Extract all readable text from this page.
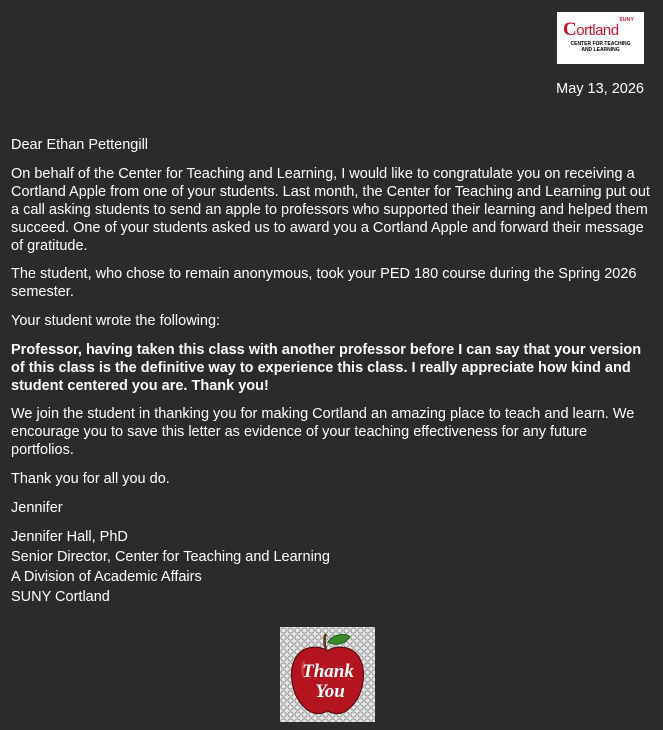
SUNY
Cortland
CENTER FOR TEACHING
AND LEARNING
May 13, 2026

Dear Ethan Pettengill

On behalf of the Center for Teaching and Learning, I would like to congratulate you on receiving a Cortland Apple from one of your students. Last month, the Center for Teaching and Learning put out a call asking students to send an apple to professors who supported their learning and helped them succeed. One of your students asked us to award you a Cortland Apple and forward their message of gratitude.

The student, who chose to remain anonymous, took your PED 180 course during the Spring 2026 semester.

Your student wrote the following:

Professor, having taken this class with another professor before I can say that your version of this class is the definitive way to experience this class. I really appreciate how kind and student centered you are. Thank you!

We join the student in thanking you for making Cortland an amazing place to teach and learn. We encourage you to save this letter as evidence of your teaching effectiveness for any future portfolios.

Thank you for all you do.

Jennifer

Jennifer Hall, PhD

Senior Director, Center for Teaching and Learning

A Division of Academic Affairs

SUNY Cortland

Thank
You
